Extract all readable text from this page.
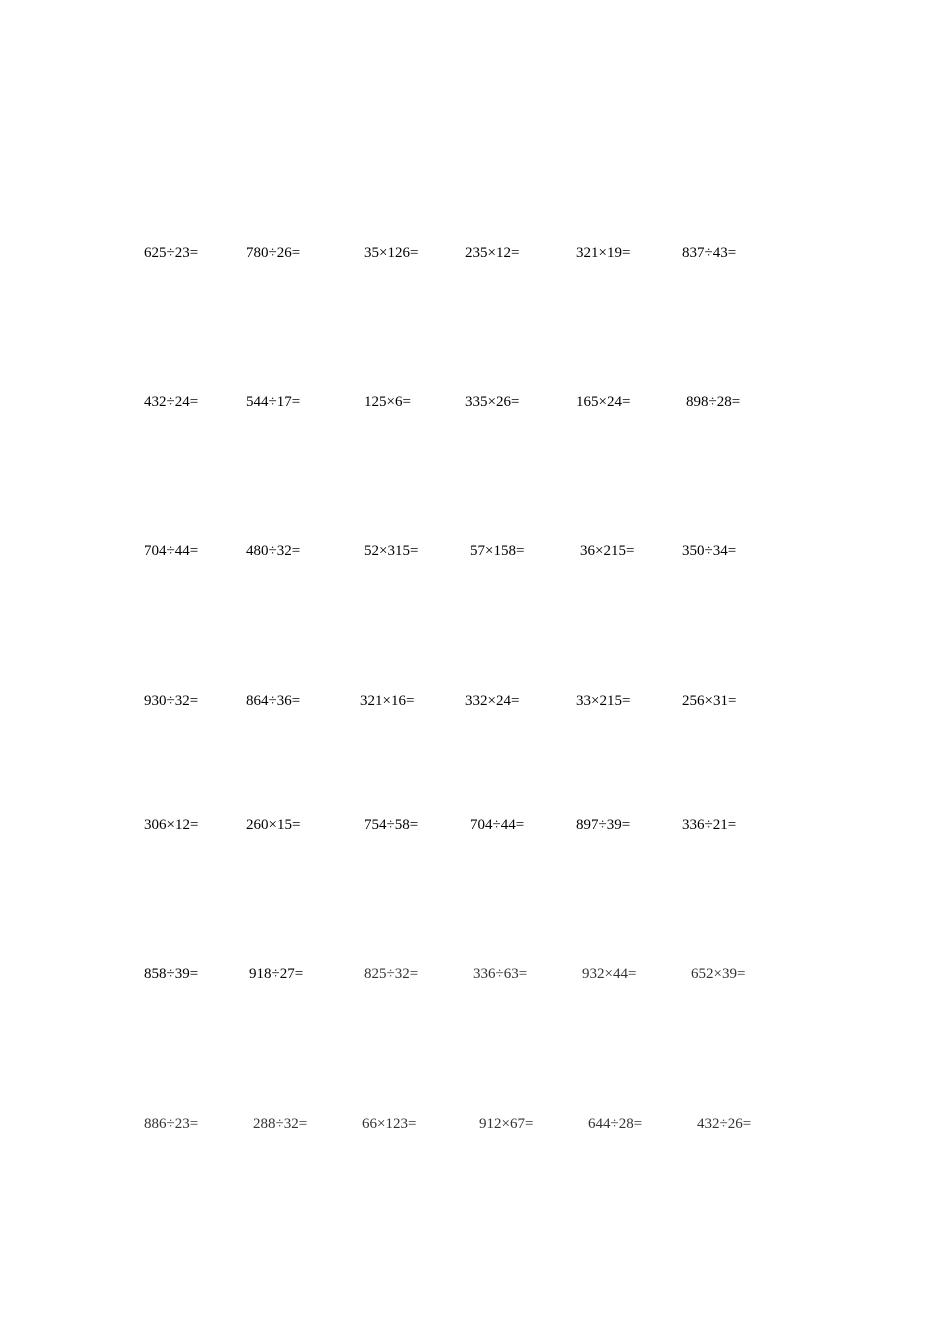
625÷23=	780÷26=	35×126=	235×12=	321×19=	837÷43=
432÷24=	544÷17=	125×6=	335×26=	165×24=	898÷28=
704÷44=	480÷32=	52×315=	57×158=	36×215=	350÷34=
930÷32=	864÷36=	321×16=	332×24=	33×215=	256×31=
306×12=	260×15=	754÷58=	704÷44=	897÷39=	336÷21=
858÷39=	918÷27=	825÷32=	336÷63=	932×44=	652×39=
886÷23=	288÷32=	66×123=	912×67=	644÷28=	432÷26=
